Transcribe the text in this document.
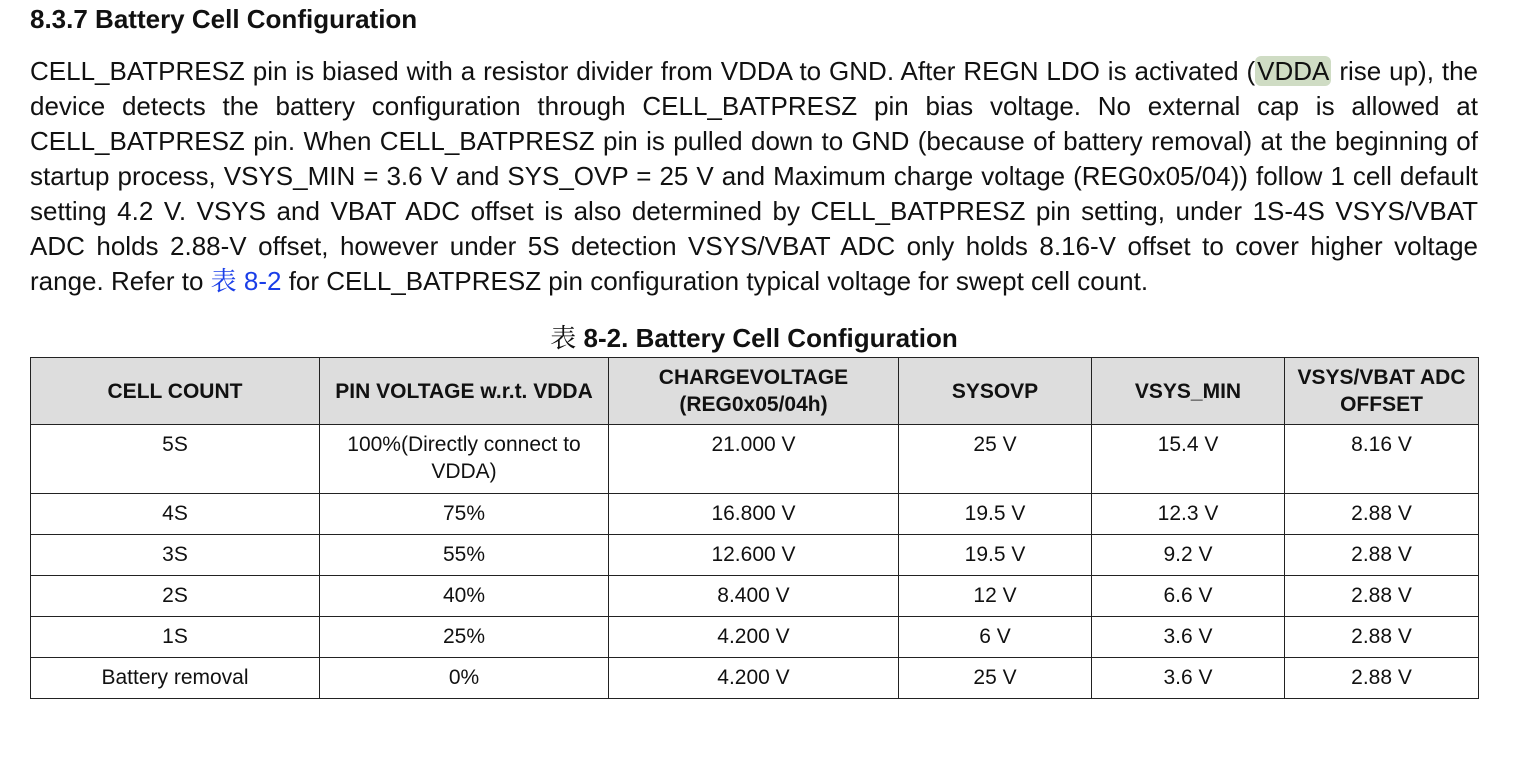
8.3.7 Battery Cell Configuration

CELL_BATPRESZ pin is biased with a resistor divider from VDDA to GND. After REGN LDO is activated (VDDA rise up), the device detects the battery configuration through CELL_BATPRESZ pin bias voltage. No external cap is allowed at CELL_BATPRESZ pin. When CELL_BATPRESZ pin is pulled down to GND (because of battery removal) at the beginning of startup process, VSYS_MIN = 3.6 V and SYS_OVP = 25 V and Maximum charge voltage (REG0x05/04)) follow 1 cell default setting 4.2 V. VSYS and VBAT ADC offset is also determined by CELL_BATPRESZ pin setting, under 1S-4S VSYS/VBAT ADC holds 2.88-V offset, however under 5S detection VSYS/VBAT ADC only holds 8.16-V offset to cover higher voltage range. Refer to 表 8-2 for CELL_BATPRESZ pin configuration typical voltage for swept cell count.

表 8-2. Battery Cell Configuration
CELL COUNT	PIN VOLTAGE w.r.t. VDDA	CHARGEVOLTAGE (REG0x05/04h)	SYSOVP	VSYS_MIN	VSYS/VBAT ADC OFFSET
5S	100%(Directly connect to VDDA)	21.000 V	25 V	15.4 V	8.16 V
4S	75%	16.800 V	19.5 V	12.3 V	2.88 V
3S	55%	12.600 V	19.5 V	9.2 V	2.88 V
2S	40%	8.400 V	12 V	6.6 V	2.88 V
1S	25%	4.200 V	6 V	3.6 V	2.88 V
Battery removal	0%	4.200 V	25 V	3.6 V	2.88 V
